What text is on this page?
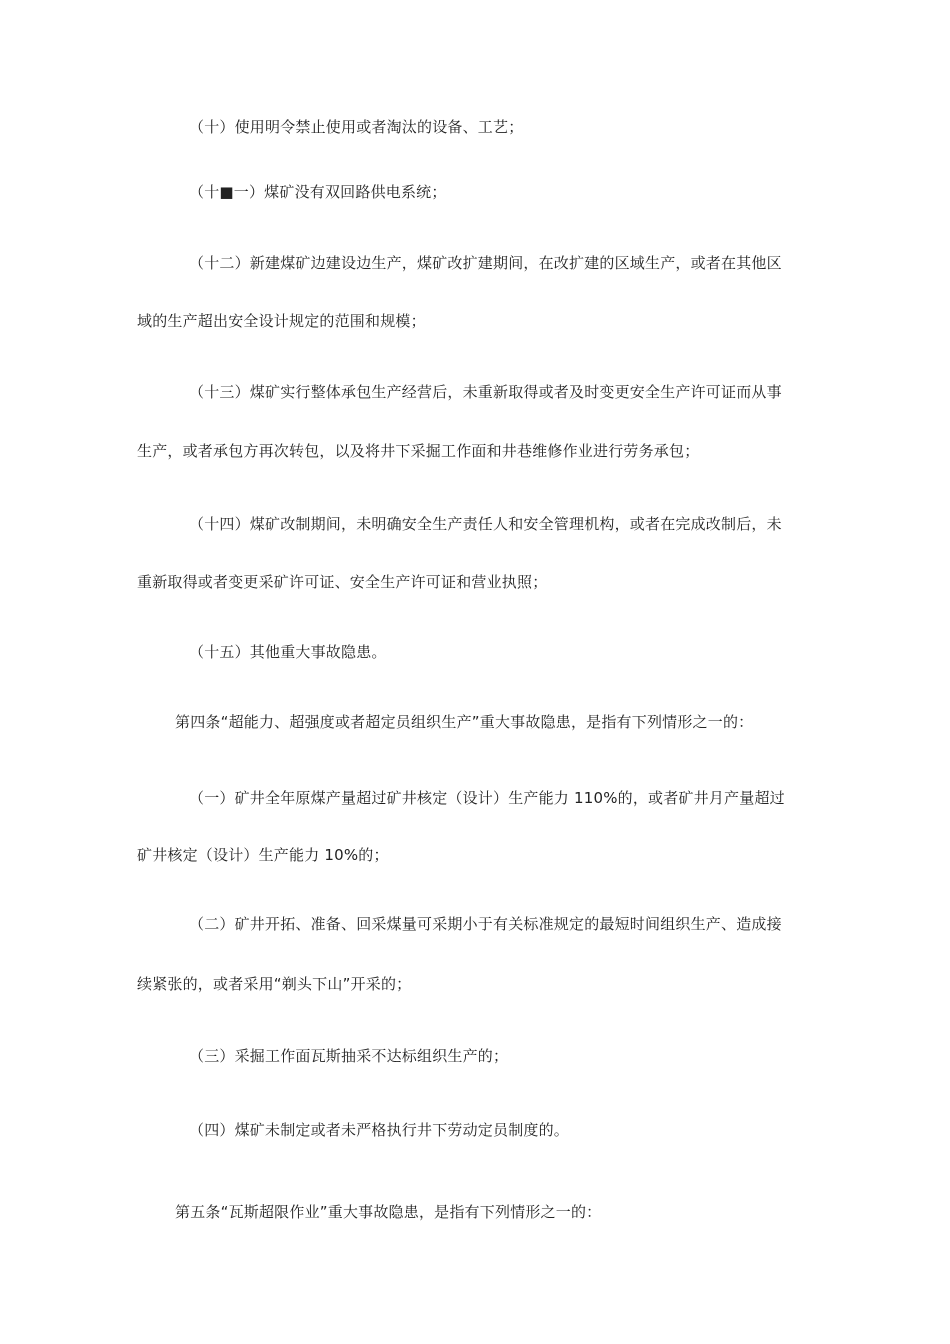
（十）使用明令禁止使用或者淘汰的设备、工艺；
（十■一）煤矿没有双回路供电系统；
（十二）新建煤矿边建设边生产，煤矿改扩建期间，在改扩建的区域生产，或者在其他区
域的生产超出安全设计规定的范围和规模；
（十三）煤矿实行整体承包生产经营后，未重新取得或者及时变更安全生产许可证而从事
生产，或者承包方再次转包，以及将井下采掘工作面和井巷维修作业进行劳务承包；
（十四）煤矿改制期间，未明确安全生产责任人和安全管理机构，或者在完成改制后，未
重新取得或者变更采矿许可证、安全生产许可证和营业执照；
（十五）其他重大事故隐患。
第四条“超能力、超强度或者超定员组织生产”重大事故隐患，是指有下列情形之一的：
（一）矿井全年原煤产量超过矿井核定（设计）生产能力 110%的，或者矿井月产量超过
矿井核定（设计）生产能力 10%的；
（二）矿井开拓、准备、回采煤量可采期小于有关标准规定的最短时间组织生产、造成接
续紧张的，或者采用“剃头下山”开采的；
（三）采掘工作面瓦斯抽采不达标组织生产的；
（四）煤矿未制定或者未严格执行井下劳动定员制度的。
第五条“瓦斯超限作业”重大事故隐患，是指有下列情形之一的：
